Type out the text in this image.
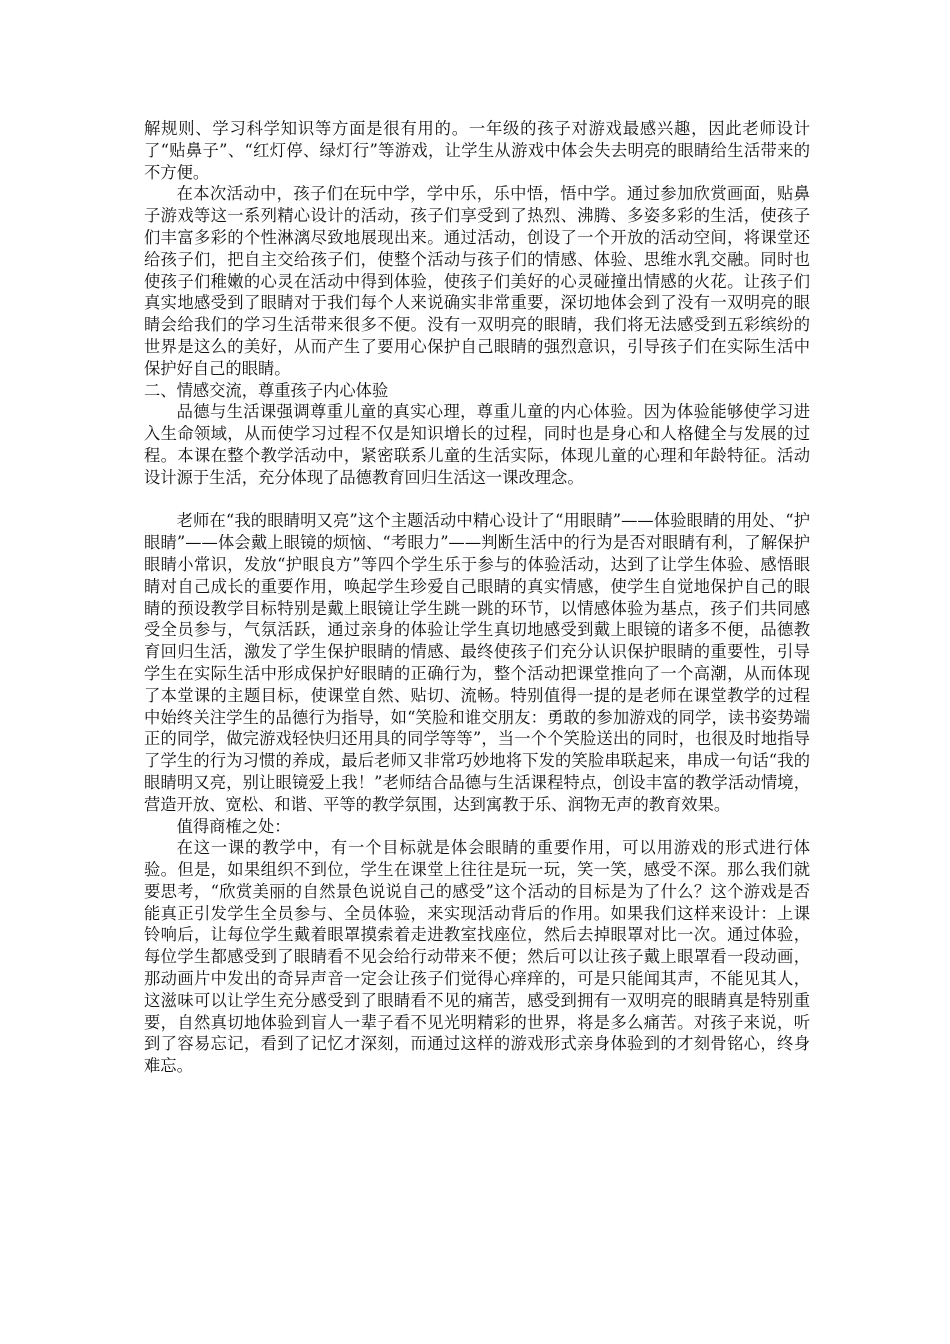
解规则、学习科学知识等方面是很有用的。一年级的孩子对游戏最感兴趣，因此老师设计了“贴鼻子”、“红灯停、绿灯行”等游戏，让学生从游戏中体会失去明亮的眼睛给生活带来的不方便。

在本次活动中，孩子们在玩中学，学中乐，乐中悟，悟中学。通过参加欣赏画面，贴鼻子游戏等这一系列精心设计的活动，孩子们享受到了热烈、沸腾、多姿多彩的生活，使孩子们丰富多彩的个性淋漓尽致地展现出来。通过活动，创设了一个开放的活动空间，将课堂还给孩子们，把自主交给孩子们，使整个活动与孩子们的情感、体验、思维水乳交融。同时也使孩子们稚嫩的心灵在活动中得到体验，使孩子们美好的心灵碰撞出情感的火花。让孩子们真实地感受到了眼睛对于我们每个人来说确实非常重要，深切地体会到了没有一双明亮的眼睛会给我们的学习生活带来很多不便。没有一双明亮的眼睛，我们将无法感受到五彩缤纷的世界是这么的美好，从而产生了要用心保护自己眼睛的强烈意识，引导孩子们在实际生活中保护好自己的眼睛。

二、情感交流，尊重孩子内心体验

品德与生活课强调尊重儿童的真实心理，尊重儿童的内心体验。因为体验能够使学习进入生命领域，从而使学习过程不仅是知识增长的过程，同时也是身心和人格健全与发展的过程。本课在整个教学活动中，紧密联系儿童的生活实际，体现儿童的心理和年龄特征。活动设计源于生活，充分体现了品德教育回归生活这一课改理念。

老师在“我的眼睛明又亮”这个主题活动中精心设计了“用眼睛”——体验眼睛的用处、“护眼睛”——体会戴上眼镜的烦恼、“考眼力”——判断生活中的行为是否对眼睛有利，了解保护眼睛小常识，发放“护眼良方”等四个学生乐于参与的体验活动，达到了让学生体验、感悟眼睛对自己成长的重要作用，唤起学生珍爱自己眼睛的真实情感，使学生自觉地保护自己的眼睛的预设教学目标特别是戴上眼镜让学生跳一跳的环节，以情感体验为基点，孩子们共同感受全员参与，气氛活跃，通过亲身的体验让学生真切地感受到戴上眼镜的诸多不便，品德教育回归生活，激发了学生保护眼睛的情感、最终使孩子们充分认识保护眼睛的重要性，引导学生在实际生活中形成保护好眼睛的正确行为，整个活动把课堂推向了一个高潮，从而体现了本堂课的主题目标，使课堂自然、贴切、流畅。特别值得一提的是老师在课堂教学的过程中始终关注学生的品德行为指导，如“笑脸和谁交朋友：勇敢的参加游戏的同学，读书姿势端正的同学，做完游戏轻快归还用具的同学等等”，当一个个笑脸送出的同时，也很及时地指导了学生的行为习惯的养成，最后老师又非常巧妙地将下发的笑脸串联起来，串成一句话“我的眼睛明又亮，别让眼镜爱上我！”老师结合品德与生活课程特点，创设丰富的教学活动情境，营造开放、宽松、和谐、平等的教学氛围，达到寓教于乐、润物无声的教育效果。

值得商榷之处：

在这一课的教学中，有一个目标就是体会眼睛的重要作用，可以用游戏的形式进行体验。但是，如果组织不到位，学生在课堂上往往是玩一玩，笑一笑，感受不深。那么我们就要思考，“欣赏美丽的自然景色说说自己的感受”这个活动的目标是为了什么？这个游戏是否能真正引发学生全员参与、全员体验，来实现活动背后的作用。如果我们这样来设计：上课铃响后，让每位学生戴着眼罩摸索着走进教室找座位，然后去掉眼罩对比一次。通过体验，每位学生都感受到了眼睛看不见会给行动带来不便；然后可以让孩子戴上眼罩看一段动画，那动画片中发出的奇异声音一定会让孩子们觉得心痒痒的，可是只能闻其声，不能见其人，这滋味可以让学生充分感受到了眼睛看不见的痛苦，感受到拥有一双明亮的眼睛真是特别重要，自然真切地体验到盲人一辈子看不见光明精彩的世界，将是多么痛苦。对孩子来说，听到了容易忘记，看到了记忆才深刻，而通过这样的游戏形式亲身体验到的才刻骨铭心，终身难忘。
